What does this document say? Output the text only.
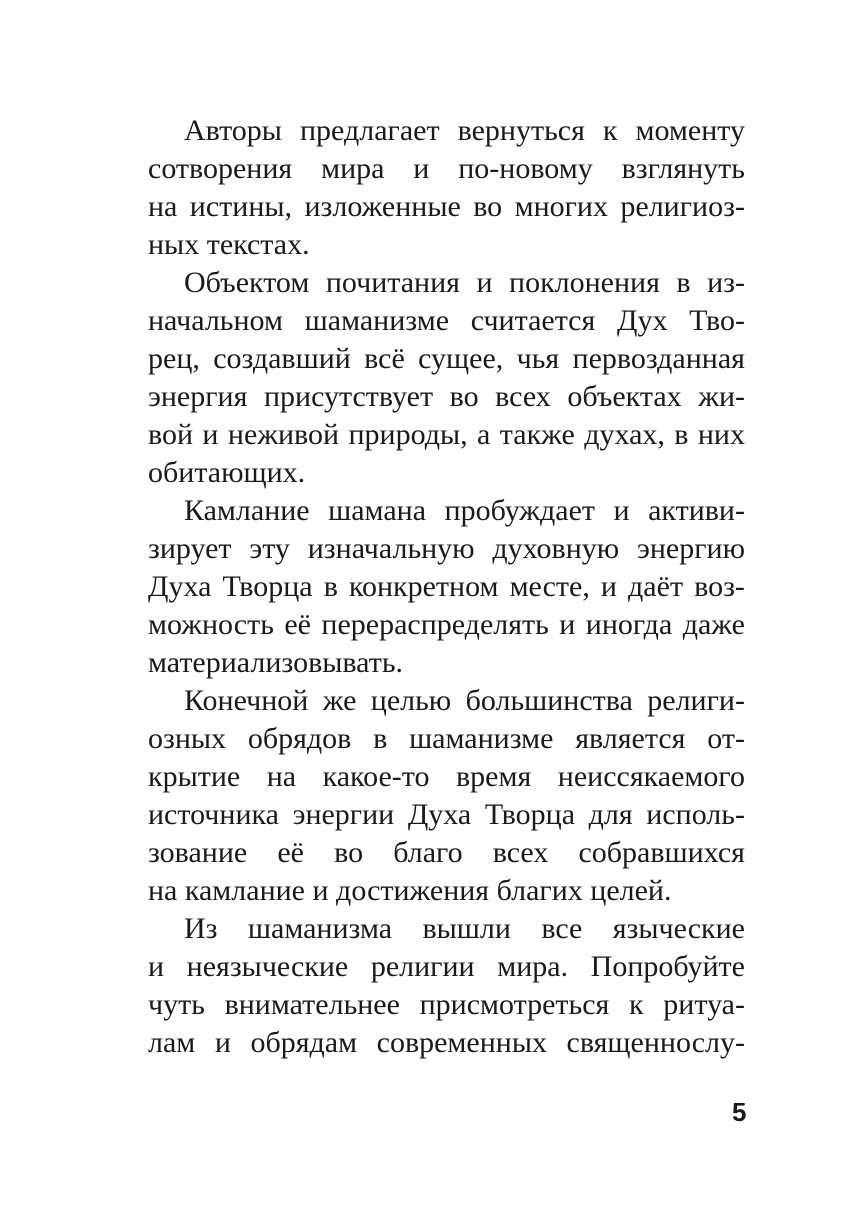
Авторы предлагает вернуться к моменту
сотворения мира и по-новому взглянуть
на истины, изложенные во многих религиоз-
ных текстах.
Объектом почитания и поклонения в из-
начальном шаманизме считается Дух Тво-
рец, создавший всё сущее, чья первозданная
энергия присутствует во всех объектах жи-
вой и неживой природы, а также духах, в них
обитающих.
Камлание шамана пробуждает и активи-
зирует эту изначальную духовную энергию
Духа Творца в конкретном месте, и даёт воз-
можность её перераспределять и иногда даже
материализовывать.
Конечной же целью большинства религи-
озных обрядов в шаманизме является от-
крытие на какое-то время неиссякаемого
источника энергии Духа Творца для исполь-
зование её во благо всех собравшихся
на камлание и достижения благих целей.
Из шаманизма вышли все языческие
и неязыческие религии мира. Попробуйте
чуть внимательнее присмотреться к ритуа-
лам и обрядам современных священнослу-
5
